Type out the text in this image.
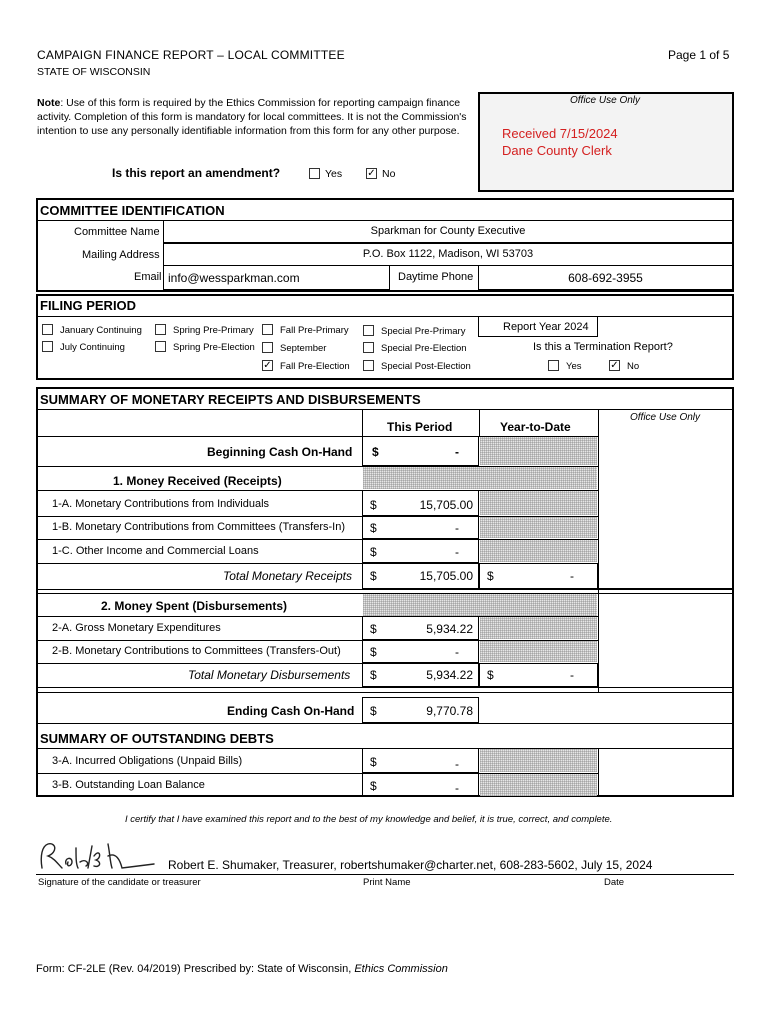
CAMPAIGN FINANCE REPORT – LOCAL COMMITTEE
STATE OF WISCONSIN
Page 1 of 5
Note: Use of this form is required by the Ethics Commission for reporting campaign finance activity. Completion of this form is mandatory for local committees. It is not the Commission's intention to use any personally identifiable information from this form for any other purpose.
Is this report an amendment?	Yes	✓ No
Office Use Only
Received 7/15/2024
Dane County Clerk
COMMITTEE IDENTIFICATION
Committee Name	Sparkman for County Executive
Mailing Address	P.O. Box 1122, Madison, WI 53703
Email info@wessparkman.com	Daytime Phone	608-692-3955
FILING PERIOD
January Continuing
July Continuing
Spring Pre-Primary
Spring Pre-Election
Fall Pre-Primary
September
✓ Fall Pre-Election
Special Pre-Primary
Special Pre-Election
Special Post-Election
Report Year 2024
Is this a Termination Report?
Yes	✓ No
SUMMARY OF MONETARY RECEIPTS AND DISBURSEMENTS
Office Use Only
This Period	Year-to-Date
Beginning Cash On-Hand $	-
1. Money Received (Receipts)
1-A. Monetary Contributions from Individuals	$	15,705.00
1-B. Monetary Contributions from Committees (Transfers-In) $	-
1-C. Other Income and Commercial Loans	$	-
Total Monetary Receipts $	15,705.00 $	-
2. Money Spent (Disbursements)
2-A. Gross Monetary Expenditures	$	5,934.22
2-B. Monetary Contributions to Committees (Transfers-Out) $	-
Total Monetary Disbursements $	5,934.22 $	-
Ending Cash On-Hand $	9,770.78
SUMMARY OF OUTSTANDING DEBTS
3-A. Incurred Obligations (Unpaid Bills)	$	-
3-B. Outstanding Loan Balance	$	-
I certify that I have examined this report and to the best of my knowledge and belief, it is true, correct, and complete.
Robert E. Shumaker, Treasurer, robertshumaker@charter.net, 608-283-5602, July 15, 2024
Signature of the candidate or treasurer	Print Name	Date
Form: CF-2LE (Rev. 04/2019) Prescribed by: State of Wisconsin, Ethics Commission
